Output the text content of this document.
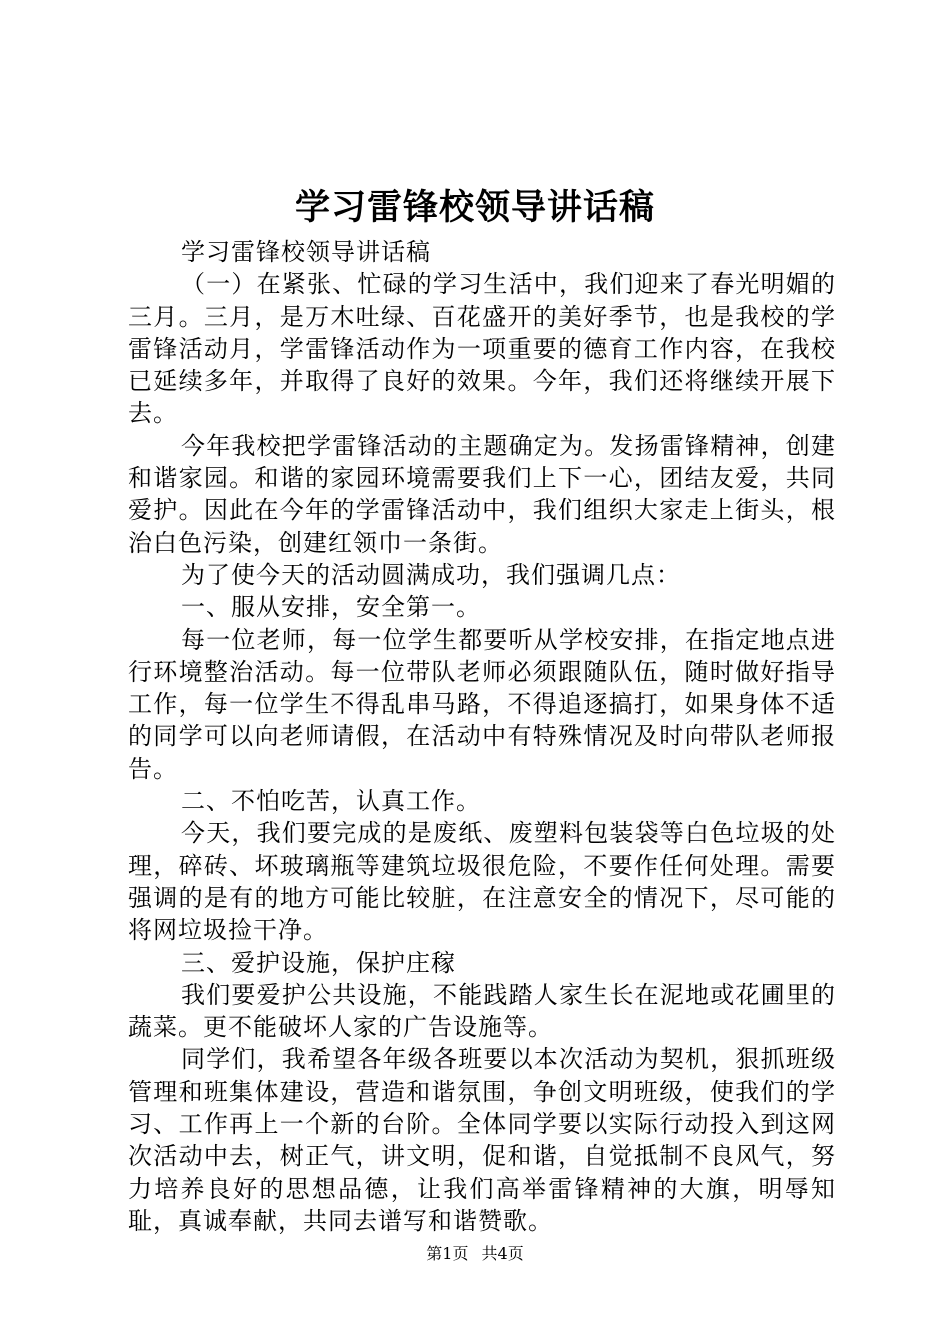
学习雷锋校领导讲话稿

学习雷锋校领导讲话稿

（一）在紧张、忙碌的学习生活中，我们迎来了春光明媚的三月。三月，是万木吐绿、百花盛开的美好季节，也是我校的学雷锋活动月，学雷锋活动作为一项重要的德育工作内容，在我校已延续多年，并取得了良好的效果。今年，我们还将继续开展下去。

今年我校把学雷锋活动的主题确定为。发扬雷锋精神，创建和谐家园。和谐的家园环境需要我们上下一心，团结友爱，共同爱护。因此在今年的学雷锋活动中，我们组织大家走上街头，根治白色污染，创建红领巾一条街。

为了使今天的活动圆满成功，我们强调几点：

一、服从安排，安全第一。

每一位老师，每一位学生都要听从学校安排，在指定地点进行环境整治活动。每一位带队老师必须跟随队伍，随时做好指导工作，每一位学生不得乱串马路，不得追逐搞打，如果身体不适的同学可以向老师请假，在活动中有特殊情况及时向带队老师报告。

二、不怕吃苦，认真工作。

今天，我们要完成的是废纸、废塑料包装袋等白色垃圾的处理，碎砖、坏玻璃瓶等建筑垃圾很危险，不要作任何处理。需要强调的是有的地方可能比较脏，在注意安全的情况下，尽可能的将网垃圾捡干净。

三、爱护设施，保护庄稼

我们要爱护公共设施，不能践踏人家生长在泥地或花圃里的蔬菜。更不能破坏人家的广告设施等。

同学们，我希望各年级各班要以本次活动为契机，狠抓班级管理和班集体建设，营造和谐氛围，争创文明班级，使我们的学习、工作再上一个新的台阶。全体同学要以实际行动投入到这网次活动中去，树正气，讲文明，促和谐，自觉抵制不良风气，努力培养良好的思想品德，让我们高举雷锋精神的大旗，明辱知耻，真诚奉献，共同去谱写和谐赞歌。

第1页 共4页
